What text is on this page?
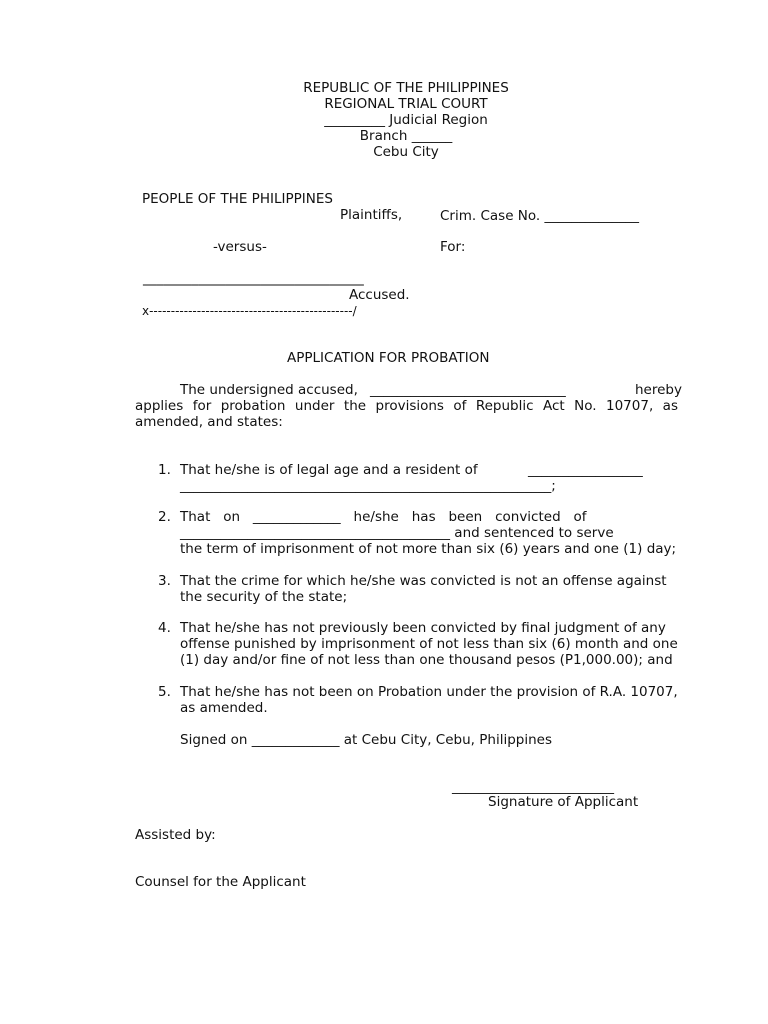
REPUBLIC OF THE PHILIPPINES
REGIONAL TRIAL COURT
_________ Judicial Region
Branch ______
Cebu City
PEOPLE OF THE PHILIPPINES
Plaintiffs,	Crim. Case No. ______________
-versus-	For:
________________________________
Accused.
x-----------------------------------------------/
APPLICATION FOR PROBATION
The undersigned accused, _____________________________	hereby
applies for probation under the provisions of Republic Act No. 10707, as
amended, and states:
1. That he/she is of legal age and a resident of	_________________
_______________________________________________________;
2. That   on   _____________   he/she   has   been   convicted   of
________________________________________ and sentenced to serve
the term of imprisonment of not more than six (6) years and one (1) day;
3. That the crime for which he/she was convicted is not an offense against
the security of the state;
4. That he/she has not previously been convicted by final judgment of any
offense punished by imprisonment of not less than six (6) month and one
(1) day and/or fine of not less than one thousand pesos (P1,000.00); and
5. That he/she has not been on Probation under the provision of R.A. 10707,
as amended.
Signed on _____________ at Cebu City, Cebu, Philippines
________________________
Signature of Applicant
Assisted by:
Counsel for the Applicant
